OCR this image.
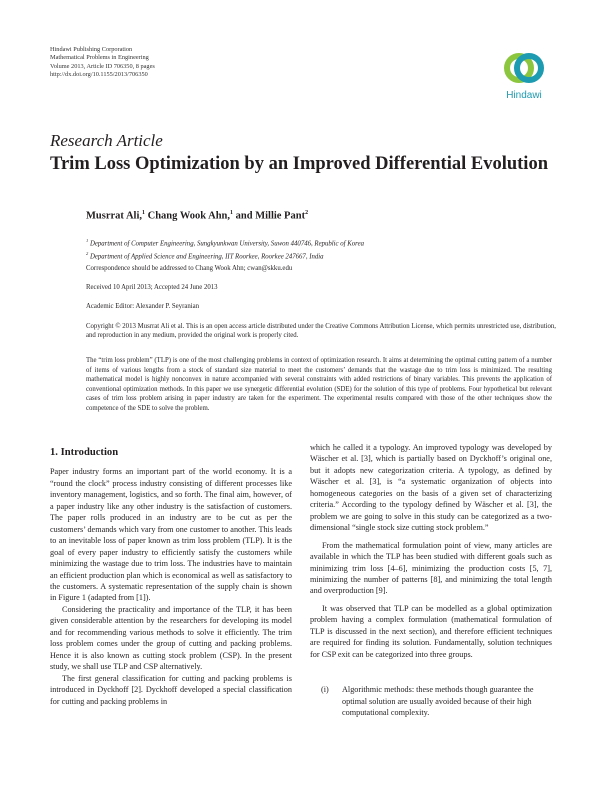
Hindawi Publishing Corporation
Mathematical Problems in Engineering
Volume 2013, Article ID 706350, 8 pages
http://dx.doi.org/10.1155/2013/706350
Hindawi
Research Article
Trim Loss Optimization by an Improved Differential Evolution
Musrrat Ali,$^1$ Chang Wook Ahn,$^1$ and Millie Pant$^2$
$^1$ Department of Computer Engineering, Sungkyunkwan University, Suwon 440746, Republic of Korea
$^2$ Department of Applied Science and Engineering, IIT Roorkee, Roorkee 247667, India
Correspondence should be addressed to Chang Wook Ahn; cwan@skku.edu
Received 10 April 2013; Accepted 24 June 2013
Academic Editor: Alexander P. Seyranian
Copyright © 2013 Musrrat Ali et al. This is an open access article distributed under the Creative Commons Attribution License, which permits unrestricted use, distribution, and reproduction in any medium, provided the original work is properly cited.
The “trim loss problem” (TLP) is one of the most challenging problems in context of optimization research. It aims at determining the optimal cutting pattern of a number of items of various lengths from a stock of standard size material to meet the customers’ demands that the wastage due to trim loss is minimized. The resulting mathematical model is highly nonconvex in nature accompanied with several constraints with added restrictions of binary variables. This prevents the application of conventional optimization methods. In this paper we use synergetic differential evolution (SDE) for the solution of this type of problems. Four hypothetical but relevant cases of trim loss problem arising in paper industry are taken for the experiment. The experimental results compared with those of the other techniques show the competence of the SDE to solve the problem.
1. Introduction

Paper industry forms an important part of the world economy. It is a “round the clock” process industry consisting of different processes like inventory management, logistics, and so forth. The final aim, however, of a paper industry like any other industry is the satisfaction of customers. The paper rolls produced in an industry are to be cut as per the customers’ demands which vary from one customer to another. This leads to an inevitable loss of paper known as trim loss problem (TLP). It is the goal of every paper industry to efficiently satisfy the customers while minimizing the wastage due to trim loss. The industries have to maintain an efficient production plan which is economical as well as satisfactory to the customers. A systematic representation of the supply chain is shown in Figure 1 (adapted from [1]).

Considering the practicality and importance of the TLP, it has been given considerable attention by the researchers for developing its model and for recommending various methods to solve it efficiently. The trim loss problem comes under the group of cutting and packing problems. Hence it is also known as cutting stock problem (CSP). In the present study, we shall use TLP and CSP alternatively.

The first general classification for cutting and packing problems is introduced in Dyckhoff [2]. Dyckhoff developed a special classification for cutting and packing problems in

which he called it a typology. An improved typology was developed by Wäscher et al. [3], which is partially based on Dyckhoff’s original one, but it adopts new categorization criteria. A typology, as defined by Wäscher et al. [3], is “a systematic organization of objects into homogeneous categories on the basis of a given set of characterizing criteria.” According to the typology defined by Wäscher et al. [3], the problem we are going to solve in this study can be categorized as a two-dimensional “single stock size cutting stock problem.”

From the mathematical formulation point of view, many articles are available in which the TLP has been studied with different goals such as minimizing trim loss [4–6], minimizing the production costs [5, 7], minimizing the number of patterns [8], and minimizing the total length and overproduction [9].

It was observed that TLP can be modelled as a global optimization problem having a complex formulation (mathematical formulation of TLP is discussed in the next section), and therefore efficient techniques are required for finding its solution. Fundamentally, solution techniques for CSP exit can be categorized into three groups.

(i) Algorithmic methods: these methods though guarantee the optimal solution are usually avoided because of their high computational complexity.
